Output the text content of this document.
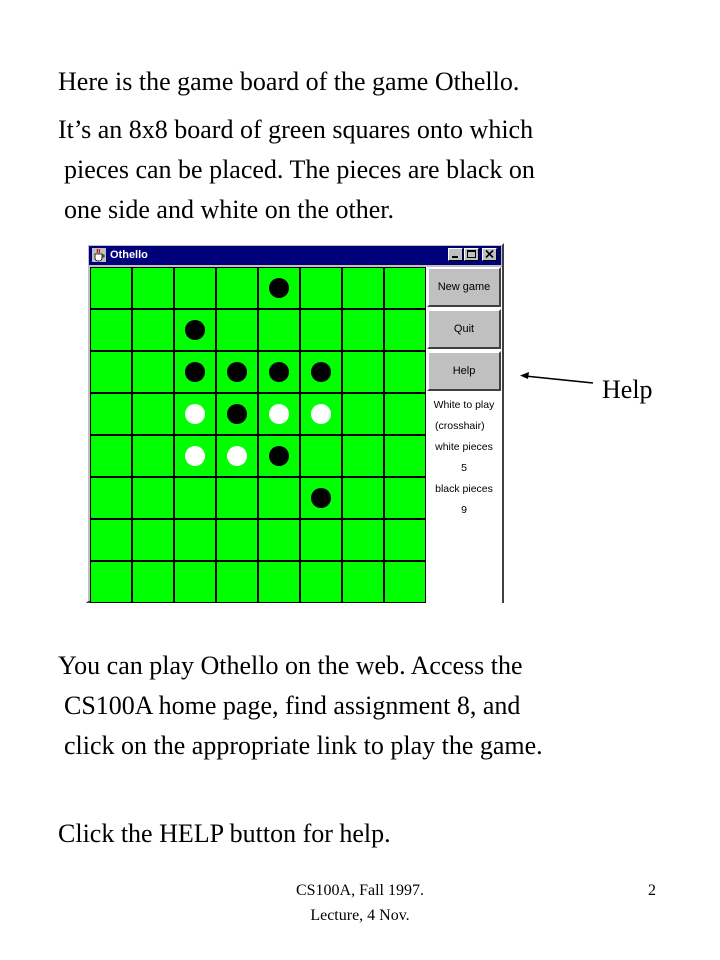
Here is the game board of the game Othello.
It’s an 8x8 board of green squares onto which
pieces can be placed. The pieces are black on
one side and white on the other.
Othello
New game
Quit
Help
White to play
(crosshair)
white pieces
5
black pieces
9
Help
You can play Othello on the web. Access the
CS100A home page, find assignment 8, and
click on the appropriate link to play the game.
Click the HELP button for help.
CS100A, Fall 1997.
Lecture, 4 Nov.
2
